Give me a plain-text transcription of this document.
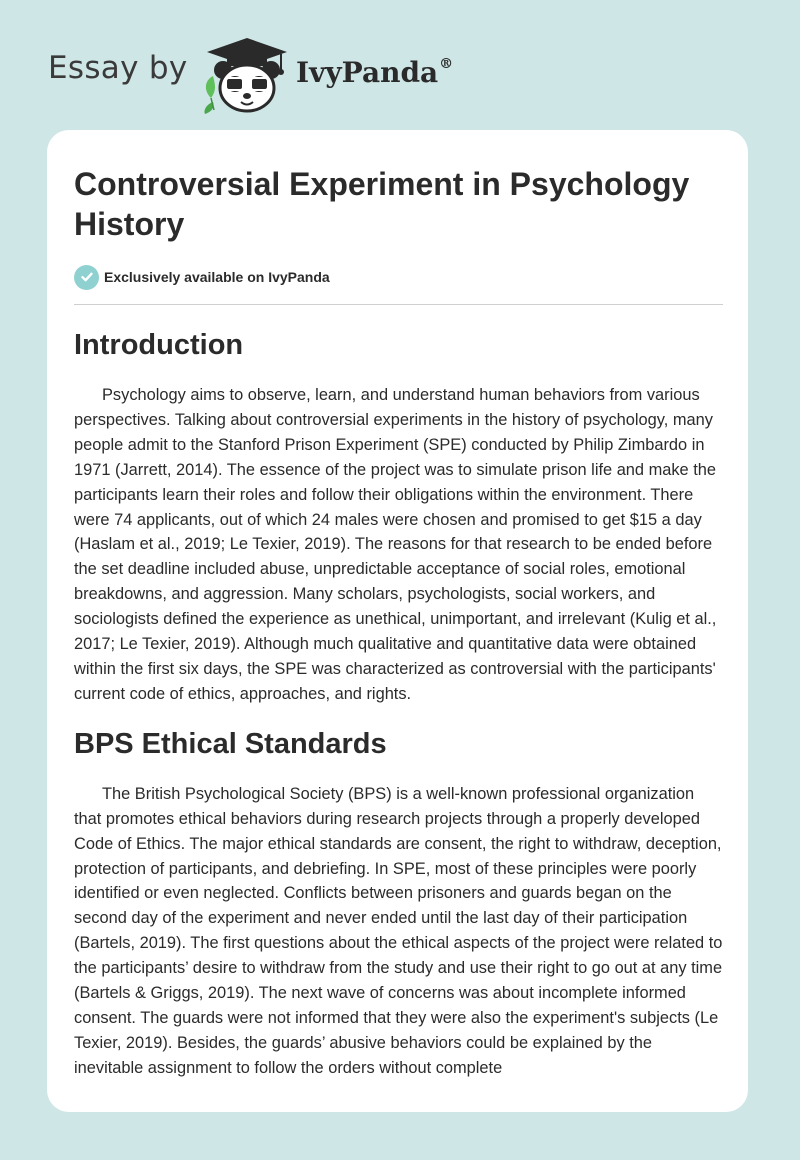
Essay by	IvyPanda®
Controversial Experiment in Psychology History
Exclusively available on IvyPanda
Introduction

Psychology aims to observe, learn, and understand human behaviors from various perspectives. Talking about controversial experiments in the history of psychology, many people admit to the Stanford Prison Experiment (SPE) conducted by Philip Zimbardo in 1971 (Jarrett, 2014). The essence of the project was to simulate prison life and make the participants learn their roles and follow their obligations within the environment. There were 74 applicants, out of which 24 males were chosen and promised to get $15 a day (Haslam et al., 2019; Le Texier, 2019). The reasons for that research to be ended before the set deadline included abuse, unpredictable acceptance of social roles, emotional breakdowns, and aggression. Many scholars, psychologists, social workers, and sociologists defined the experience as unethical, unimportant, and irrelevant (Kulig et al., 2017; Le Texier, 2019). Although much qualitative and quantitative data were obtained within the first six days, the SPE was characterized as controversial with the participants' current code of ethics, approaches, and rights.

BPS Ethical Standards

The British Psychological Society (BPS) is a well-known professional organization that promotes ethical behaviors during research projects through a properly developed Code of Ethics. The major ethical standards are consent, the right to withdraw, deception, protection of participants, and debriefing. In SPE, most of these principles were poorly identified or even neglected. Conflicts between prisoners and guards began on the second day of the experiment and never ended until the last day of their participation (Bartels, 2019). The first questions about the ethical aspects of the project were related to the participants’ desire to withdraw from the study and use their right to go out at any time (Bartels & Griggs, 2019). The next wave of concerns was about incomplete informed consent. The guards were not informed that they were also the experiment's subjects (Le Texier, 2019). Besides, the guards’ abusive behaviors could be explained by the inevitable assignment to follow the orders without complete
